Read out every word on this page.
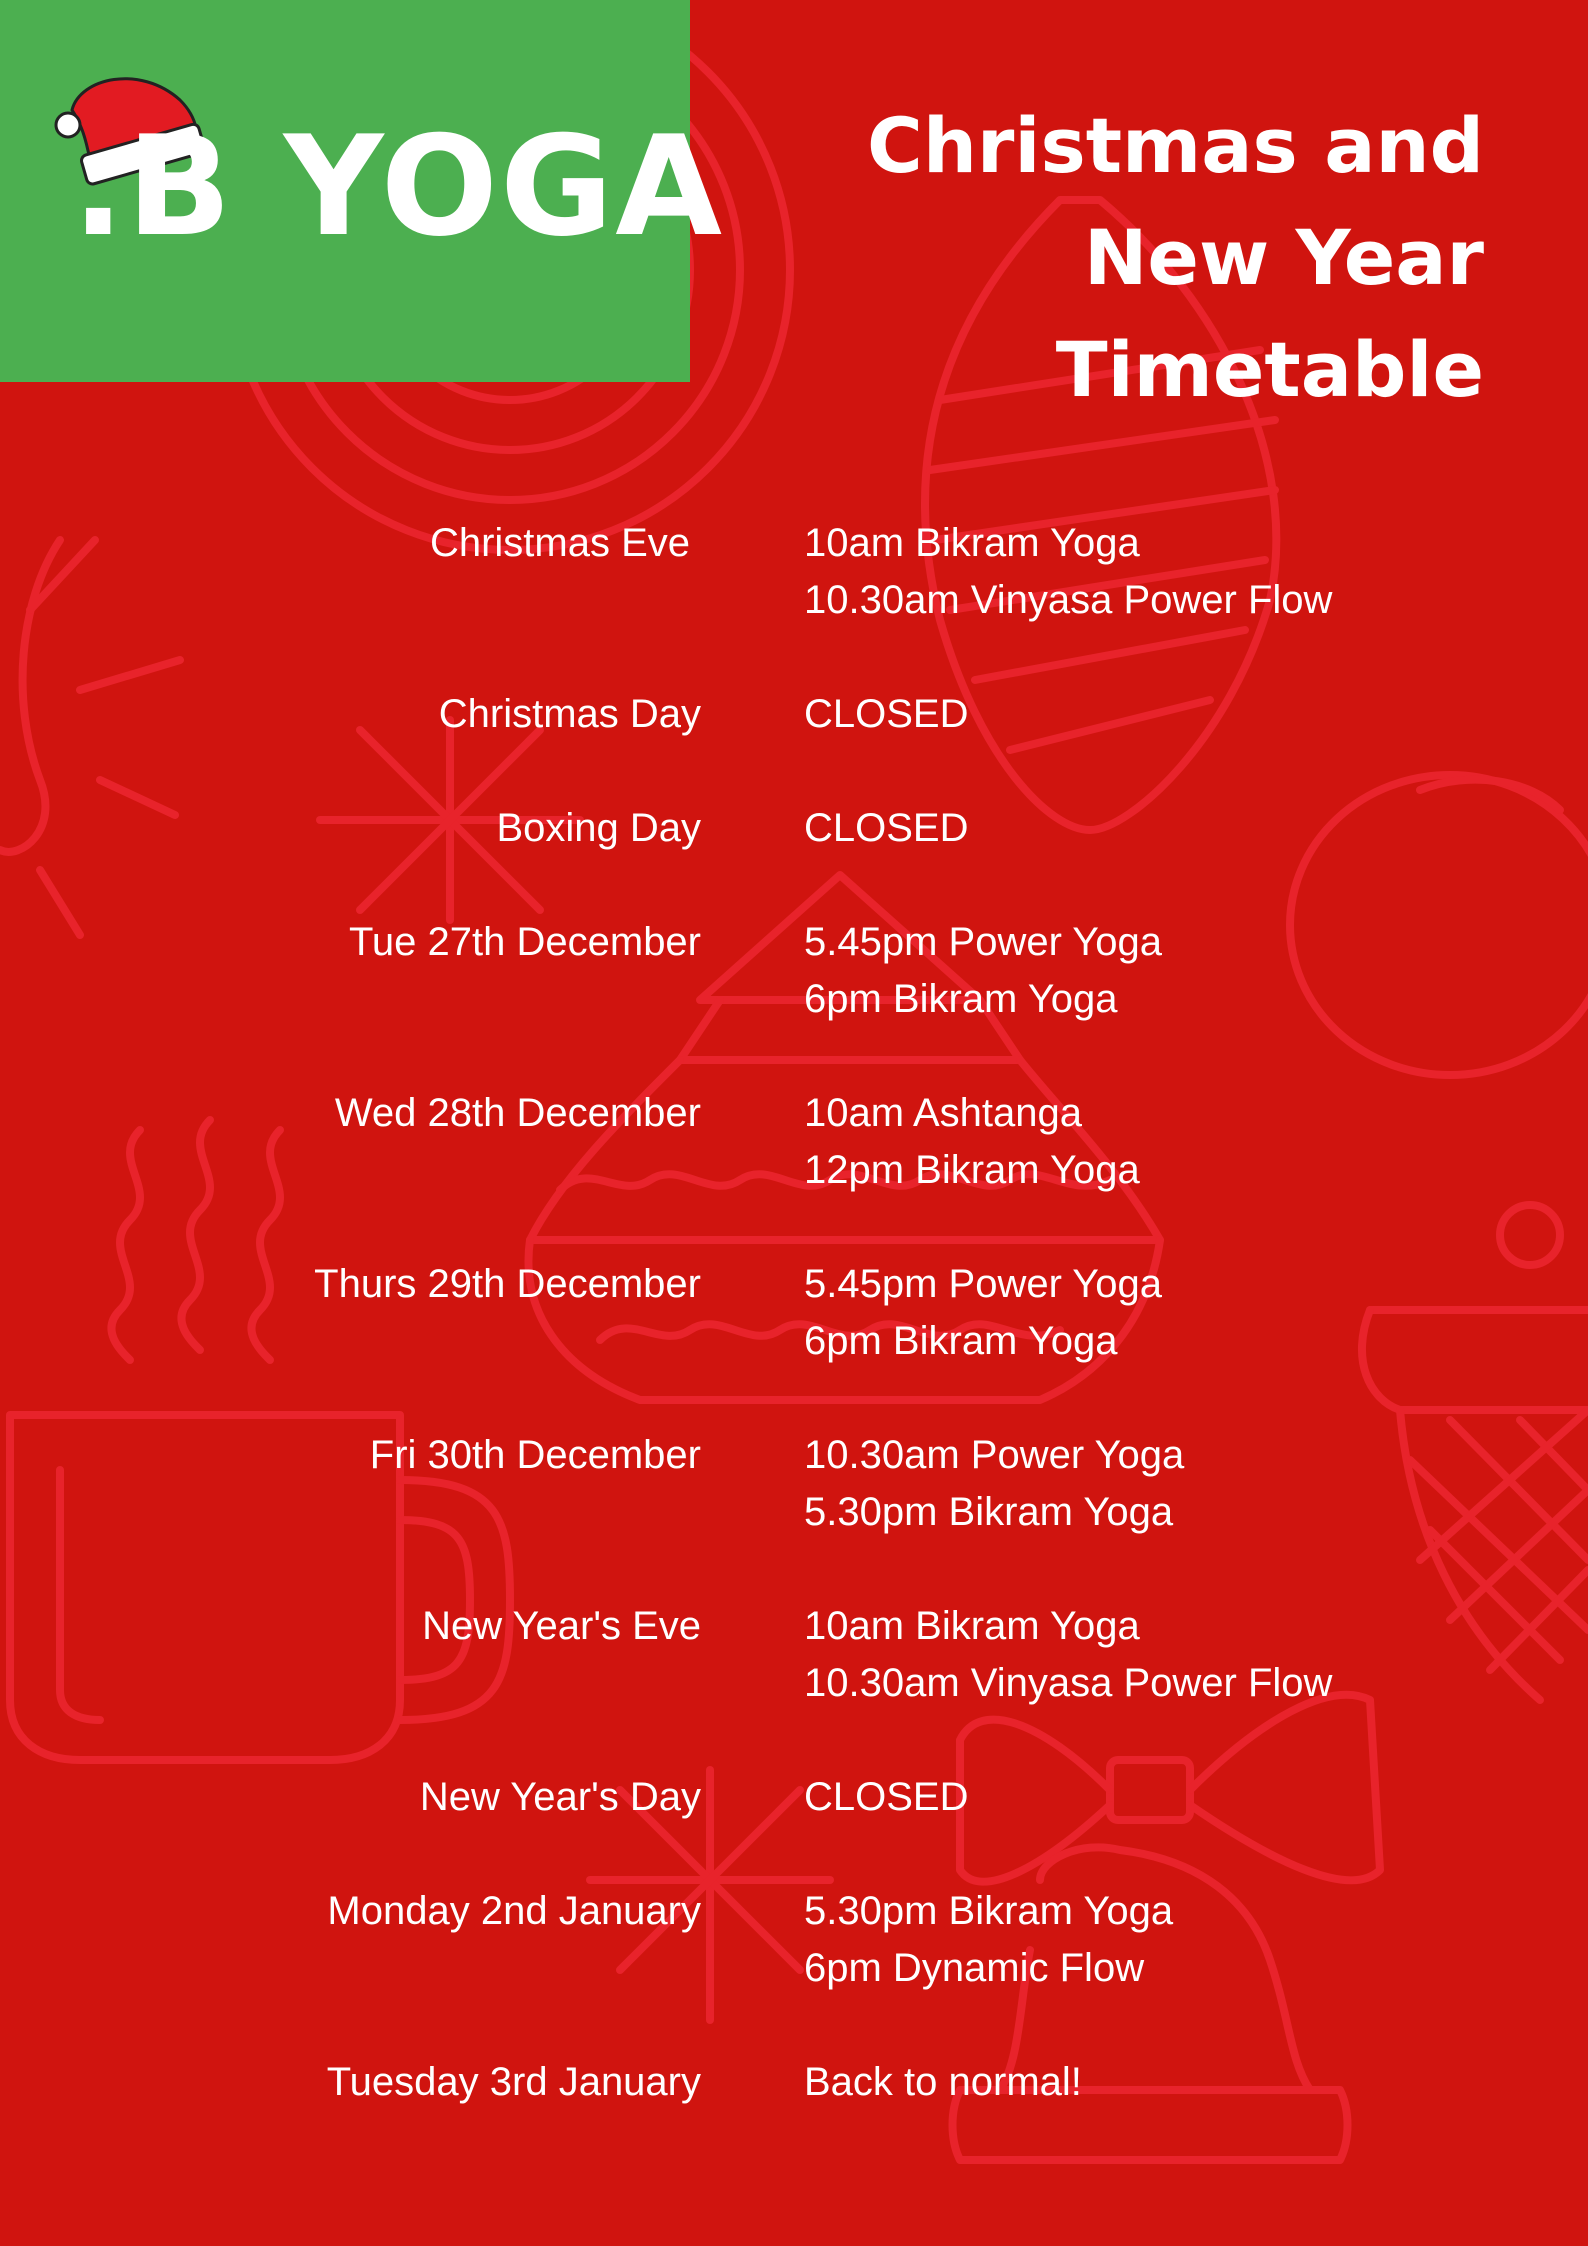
.B YOGA	Christmas and
New Year
Timetable
Christmas Eve	10am Bikram Yoga
10.30am Vinyasa Power Flow
Christmas Day	CLOSED
Boxing Day	CLOSED
Tue 27th December	5.45pm Power Yoga
6pm Bikram Yoga
Wed 28th December	10am Ashtanga
12pm Bikram Yoga
Thurs 29th December	5.45pm Power Yoga
6pm Bikram Yoga
Fri 30th December	10.30am Power Yoga
5.30pm Bikram Yoga
New Year's Eve	10am Bikram Yoga
10.30am Vinyasa Power Flow
New Year's Day	CLOSED
Monday 2nd January	5.30pm Bikram Yoga
6pm Dynamic Flow
Tuesday 3rd January	Back to normal!
